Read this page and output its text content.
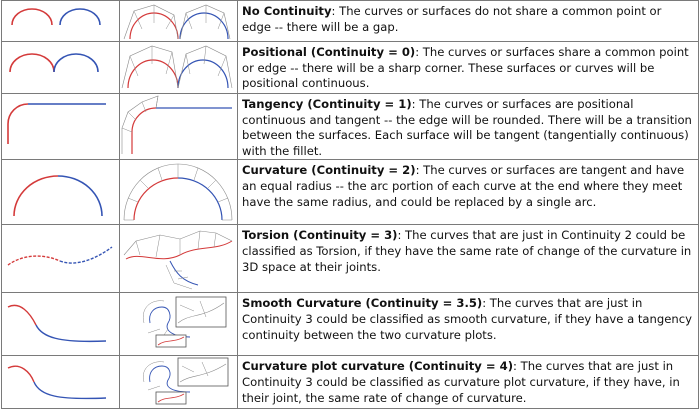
	No Continuity: The curves or surfaces do not share a common point or edge -- there will be a gap.

	Positional (Continuity = 0): The curves or surfaces share a common point or edge -- there will be a sharp corner. These surfaces or curves will be positional continuous.

	Tangency (Continuity = 1): The curves or surfaces are positional continuous and tangent -- the edge will be rounded. There will be a transition between the surfaces. Each surface will be tangent (tangentially continuous) with the fillet.

	Curvature (Continuity = 2): The curves or surfaces are tangent and have an equal radius -- the arc portion of each curve at the end where they meet have the same radius, and could be replaced by a single arc.

	Torsion (Continuity = 3): The curves that are just in Continuity 2 could be classified as Torsion, if they have the same rate of change of the curvature in 3D space at their joints.

	Smooth Curvature (Continuity = 3.5): The curves that are just in Continuity 3 could be classified as smooth curvature, if they have a tangency continuity between the two curvature plots.

	Curvature plot curvature (Continuity = 4): The curves that are just in Continuity 3 could be classified as curvature plot curvature, if they have, in their joint, the same rate of change of curvature.
